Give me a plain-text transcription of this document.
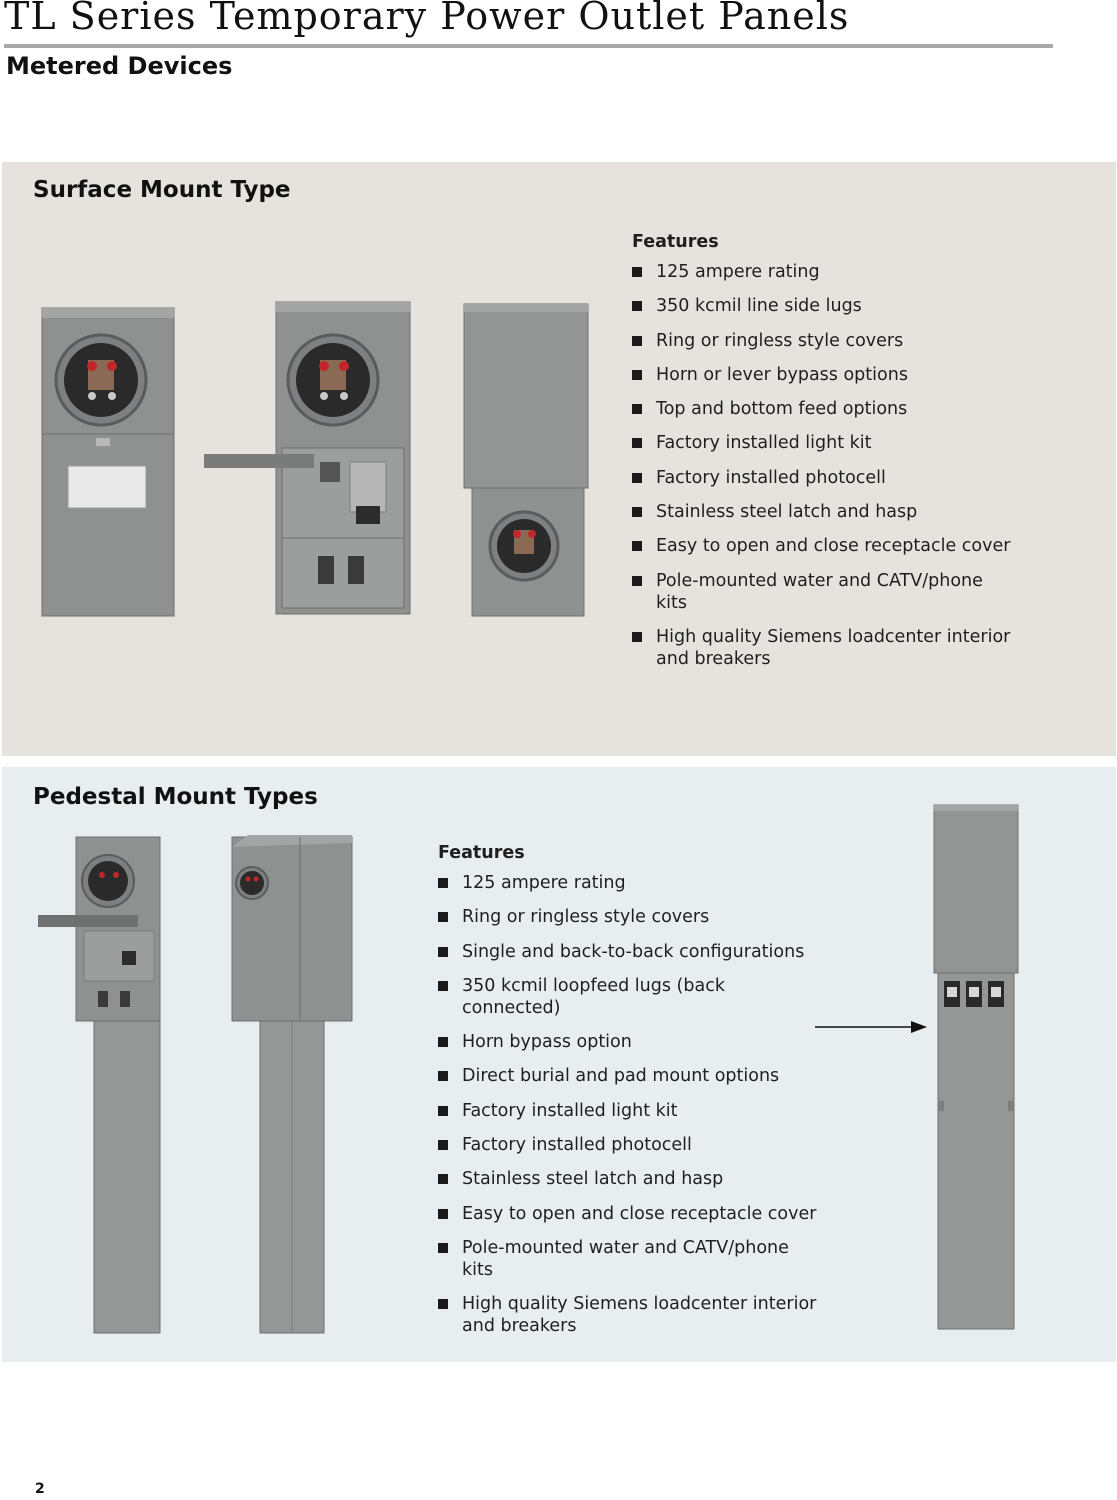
TL Series Temporary Power Outlet Panels
Metered Devices
Surface Mount Type
Features
125 ampere rating
350 kcmil line side lugs
Ring or ringless style covers
Horn or lever bypass options
Top and bottom feed options
Factory installed light kit
Factory installed photocell
Stainless steel latch and hasp
Easy to open and close receptacle cover
Pole-mounted water and CATV/phone kits
High quality Siemens loadcenter interior and breakers
Pedestal Mount Types
Features
125 ampere rating
Ring or ringless style covers
Single and back-to-back configurations
350 kcmil loopfeed lugs (back connected)
Horn bypass option
Direct burial and pad mount options
Factory installed light kit
Factory installed photocell
Stainless steel latch and hasp
Easy to open and close receptacle cover
Pole-mounted water and CATV/phone kits
High quality Siemens loadcenter interior and breakers
2
